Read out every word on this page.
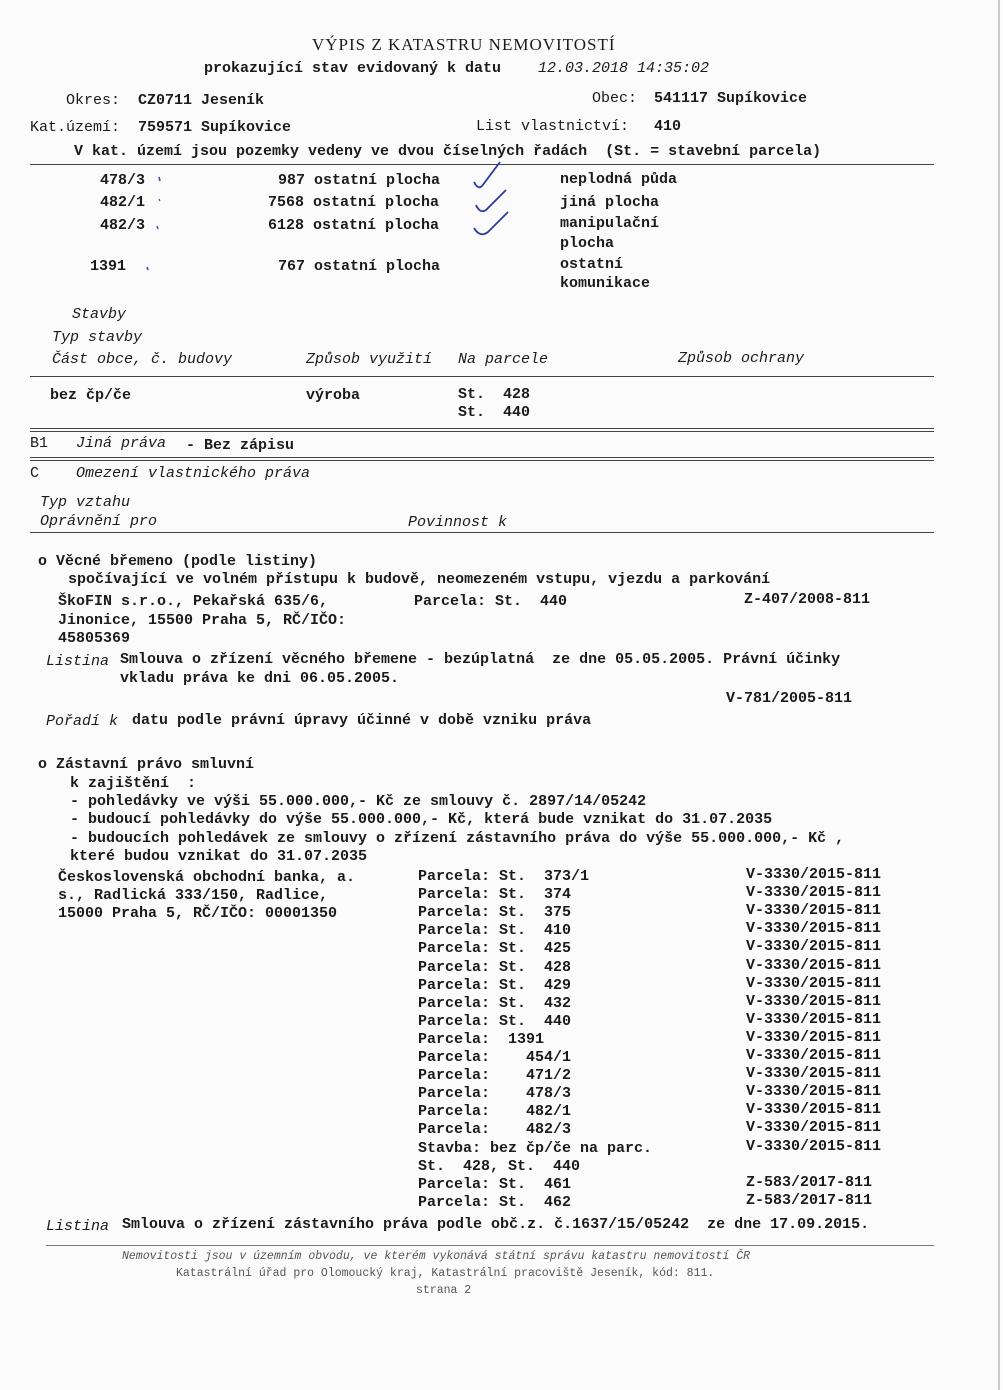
VÝPIS Z KATASTRU NEMOVITOSTÍ
prokazující stav evidovaný k datu 12.03.2018 14:35:02
Okres: CZ0711 Jeseník	Obec: 541117 Supíkovice
Kat.území: 759571 Supíkovice	List vlastnictví: 410
V kat. území jsou pozemky vedeny ve dvou číselných řadách  (St. = stavební parcela)
478/3	987 ostatní plocha	neplodná půda
482/1	7568 ostatní plocha	jiná plocha
482/3	6128 ostatní plocha	manipulační
plocha
1391	767 ostatní plocha	ostatní
komunikace
Stavby
Typ stavby
Část obce, č. budovy	Způsob využití Na parcele	Způsob ochrany
bez čp/če	výroba	St.  428
St.  440
B1 Jiná práva - Bez zápisu
C Omezení vlastnického práva
Typ vztahu
Oprávnění pro	Povinnost k
o Věcné břemeno (podle listiny)
spočívající ve volném přístupu k budově, neomezeném vstupu, vjezdu a parkování
ŠkoFIN s.r.o., Pekařská 635/6,	Parcela: St.  440	Z-407/2008-811
Jinonice, 15500 Praha 5, RČ/IČO:
45805369
Listina Smlouva o zřízení věcného břemene - bezúplatná  ze dne 05.05.2005. Právní účinky
vkladu práva ke dni 06.05.2005.
V-781/2005-811
Pořadí k datu podle právní úpravy účinné v době vzniku práva
o Zástavní právo smluvní
k zajištění  :
- pohledávky ve výši 55.000.000,- Kč ze smlouvy č. 2897/14/05242
- budoucí pohledávky do výše 55.000.000,- Kč, která bude vznikat do 31.07.2035
- budoucích pohledávek ze smlouvy o zřízení zástavního práva do výše 55.000.000,- Kč ,
které budou vznikat do 31.07.2035
Československá obchodní banka, a.
s., Radlická 333/150, Radlice,
15000 Praha 5, RČ/IČO: 00001350
Parcela: St.  373/1	V-3330/2015-811
Parcela: St.  374	V-3330/2015-811
Parcela: St.  375	V-3330/2015-811
Parcela: St.  410	V-3330/2015-811
Parcela: St.  425	V-3330/2015-811
Parcela: St.  428	V-3330/2015-811
Parcela: St.  429	V-3330/2015-811
Parcela: St.  432	V-3330/2015-811
Parcela: St.  440	V-3330/2015-811
Parcela:  1391	V-3330/2015-811
Parcela:    454/1	V-3330/2015-811
Parcela:    471/2	V-3330/2015-811
Parcela:    478/3	V-3330/2015-811
Parcela:    482/1	V-3330/2015-811
Parcela:    482/3	V-3330/2015-811
Stavba: bez čp/če na parc.	V-3330/2015-811
St.  428, St.  440
Parcela: St.  461	Z-583/2017-811
Parcela: St.  462	Z-583/2017-811
Listina Smlouva o zřízení zástavního práva podle obč.z. č.1637/15/05242  ze dne 17.09.2015.
Nemovitosti jsou v územním obvodu, ve kterém vykonává státní správu katastru nemovitostí ČR
Katastrální úřad pro Olomoucký kraj, Katastrální pracoviště Jeseník, kód: 811.
strana 2
